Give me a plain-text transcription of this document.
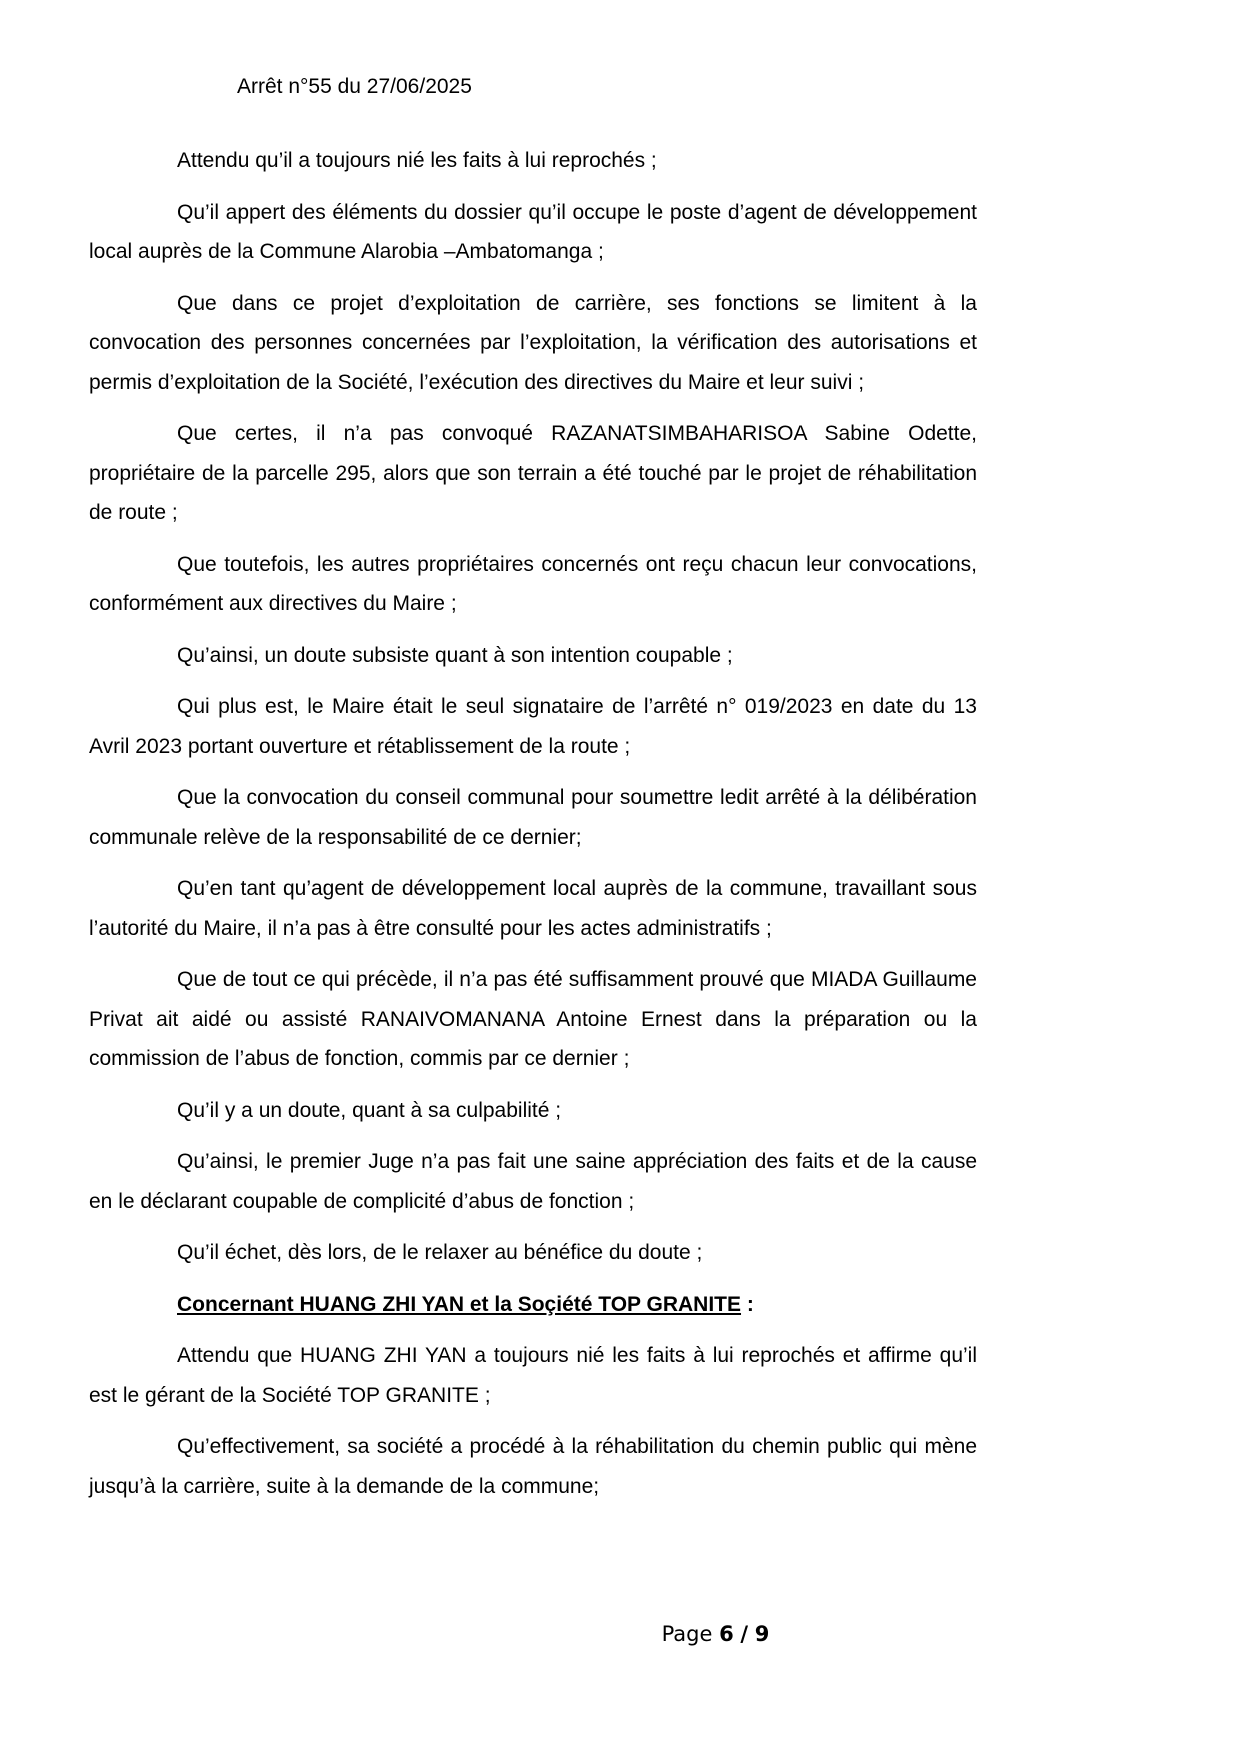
Arrêt n°55 du 27/06/2025

Attendu qu’il a toujours nié les faits à lui reprochés ;

Qu’il appert des éléments du dossier qu’il occupe le poste d’agent de développement local auprès de la Commune Alarobia –Ambatomanga ;

Que dans ce projet d’exploitation de carrière, ses fonctions se limitent à la convocation des personnes concernées par l’exploitation, la vérification des autorisations et permis d’exploitation de la Société, l’exécution des directives du Maire et leur suivi ;

Que certes, il n’a pas convoqué RAZANATSIMBAHARISOA Sabine Odette, propriétaire de la parcelle 295, alors que son terrain a été touché par le projet de réhabilitation de route ;

Que toutefois, les autres propriétaires concernés ont reçu chacun leur convocations, conformément aux directives du Maire ;

Qu’ainsi, un doute subsiste quant à son intention coupable ;

Qui plus est, le Maire était le seul signataire de l’arrêté n° 019/2023 en date du 13 Avril 2023 portant ouverture et rétablissement de la route ;

Que la convocation du conseil communal pour soumettre ledit arrêté à la délibération communale relève de la responsabilité de ce dernier;

Qu’en tant qu’agent de développement local auprès de la commune, travaillant sous l’autorité du Maire, il n’a pas à être consulté pour les actes administratifs ;

Que de tout ce qui précède, il n’a pas été suffisamment prouvé que MIADA Guillaume Privat ait aidé ou assisté RANAIVOMANANA Antoine Ernest dans la préparation ou la commission de l’abus de fonction, commis par ce dernier ;

Qu’il y a un doute, quant à sa culpabilité ;

Qu’ainsi, le premier Juge n’a pas fait une saine appréciation des faits et de la cause en le déclarant coupable de complicité d’abus de fonction ;

Qu’il échet, dès lors, de le relaxer au bénéfice du doute ;

Concernant HUANG ZHI YAN et la Soçiété TOP GRANITE :

Attendu que HUANG ZHI YAN a toujours nié les faits à lui reprochés et affirme qu’il est le gérant de la Société TOP GRANITE ;

Qu’effectivement, sa société a procédé à la réhabilitation du chemin public qui mène jusqu’à la carrière, suite à la demande de la commune;

Page 6 / 9
